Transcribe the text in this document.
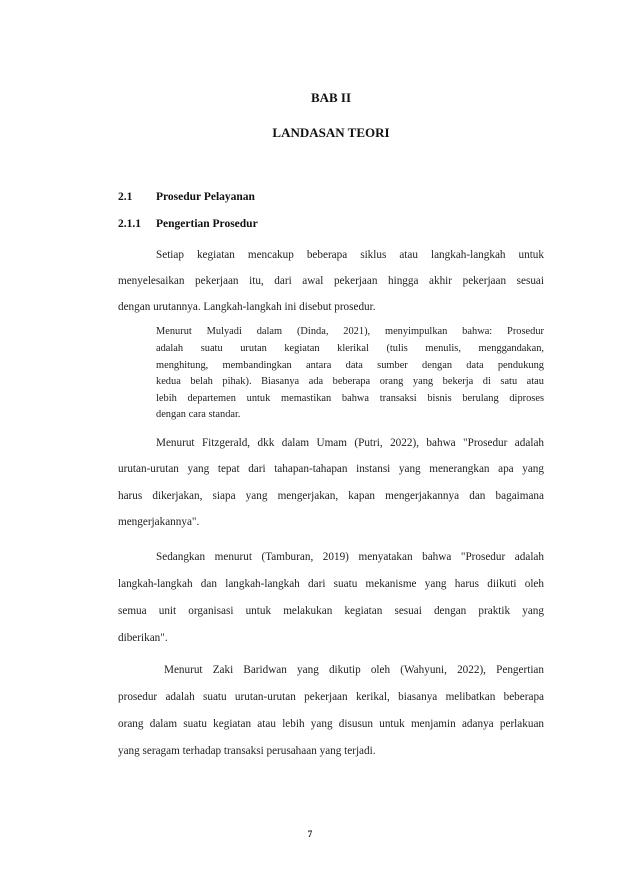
BAB II
LANDASAN TEORI
2.1 Prosedur Pelayanan
2.1.1 Pengertian Prosedur
Setiap kegiatan mencakup beberapa siklus atau langkah-langkah untuk
menyelesaikan pekerjaan itu, dari awal pekerjaan hingga akhir pekerjaan sesuai
dengan urutannya. Langkah-langkah ini disebut prosedur.
Menurut Mulyadi dalam (Dinda, 2021), menyimpulkan bahwa: Prosedur
adalah suatu urutan kegiatan klerikal (tulis menulis, menggandakan,
menghitung, membandingkan antara data sumber dengan data pendukung
kedua belah pihak). Biasanya ada beberapa orang yang bekerja di satu atau
lebih departemen untuk memastikan bahwa transaksi bisnis berulang diproses
dengan cara standar.
Menurut Fitzgerald, dkk dalam Umam (Putri, 2022), bahwa "Prosedur adalah
urutan-urutan yang tepat dari tahapan-tahapan instansi yang menerangkan apa yang
harus dikerjakan, siapa yang mengerjakan, kapan mengerjakannya dan bagaimana
mengerjakannya".
Sedangkan menurut (Tamburan, 2019) menyatakan bahwa "Prosedur adalah
langkah-langkah dan langkah-langkah dari suatu mekanisme yang harus diikuti oleh
semua unit organisasi untuk melakukan kegiatan sesuai dengan praktik yang
diberikan".
Menurut Zaki Baridwan yang dikutip oleh (Wahyuni, 2022), Pengertian
prosedur adalah suatu urutan-urutan pekerjaan kerikal, biasanya melibatkan beberapa
orang dalam suatu kegiatan atau lebih yang disusun untuk menjamin adanya perlakuan
yang seragam terhadap transaksi perusahaan yang terjadi.
7
